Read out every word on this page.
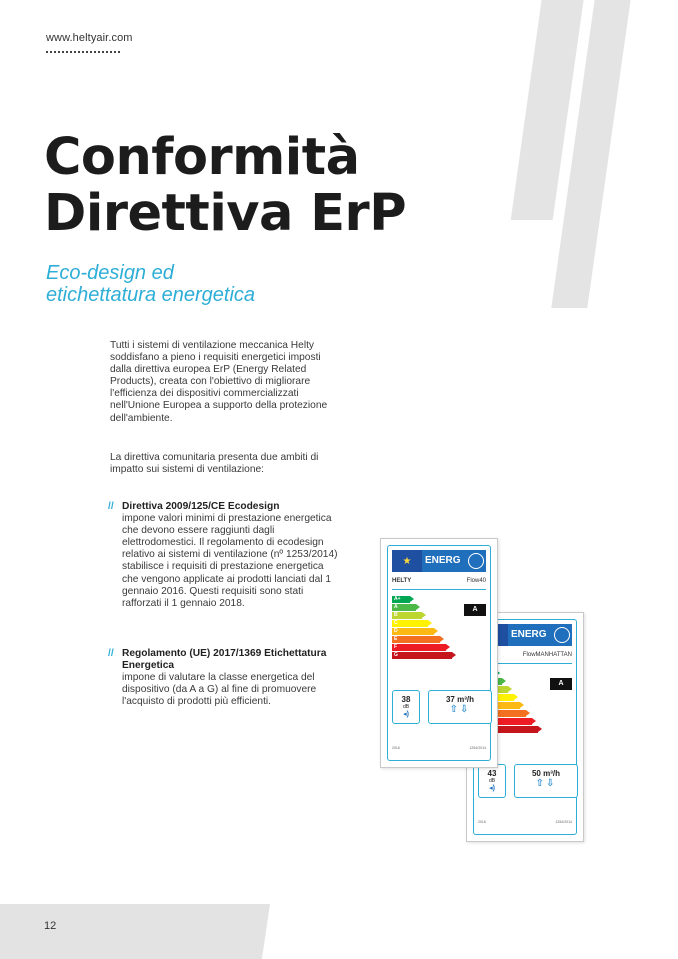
www.heltyair.com
Conformità
Direttiva ErP
Eco-design ed
etichettatura energetica
Tutti i sistemi di ventilazione meccanica Helty soddisfano a pieno i requisiti energetici imposti dalla direttiva europea ErP (Energy Related Products), creata con l'obiettivo di migliorare l'efficienza dei dispositivi commercializzati nell'Unione Europea a supporto della protezione dell'ambiente.
La direttiva comunitaria presenta due ambiti di impatto sui sistemi di ventilazione:
// Direttiva 2009/125/CE Ecodesign
impone valori minimi di prestazione energetica che devono essere raggiunti dagli elettrodomestici. Il regolamento di ecodesign relativo ai sistemi di ventilazione (nº 1253/2014) stabilisce i requisiti di prestazione energetica che vengono applicate ai prodotti lanciati dal 1 gennaio 2016. Questi requisiti sono stati rafforzati il 1 gennaio 2018.
// Regolamento (UE) 2017/1369 Etichettatura Energetica
impone di valutare la classe energetica del dispositivo (da A a G) al fine di promuovere l'acquisto di prodotti più efficienti.
ENERG
FlowMANHATTAN
A
43
dB
◂)
50 m³/h
⇧⇩
2016	1254/2014
★	ENERG
HELTY	Flow40
A+
A
B
C
D
E
F
G
A
38
dB
◂)
37 m³/h
⇧⇩
2016	1254/2014
12
